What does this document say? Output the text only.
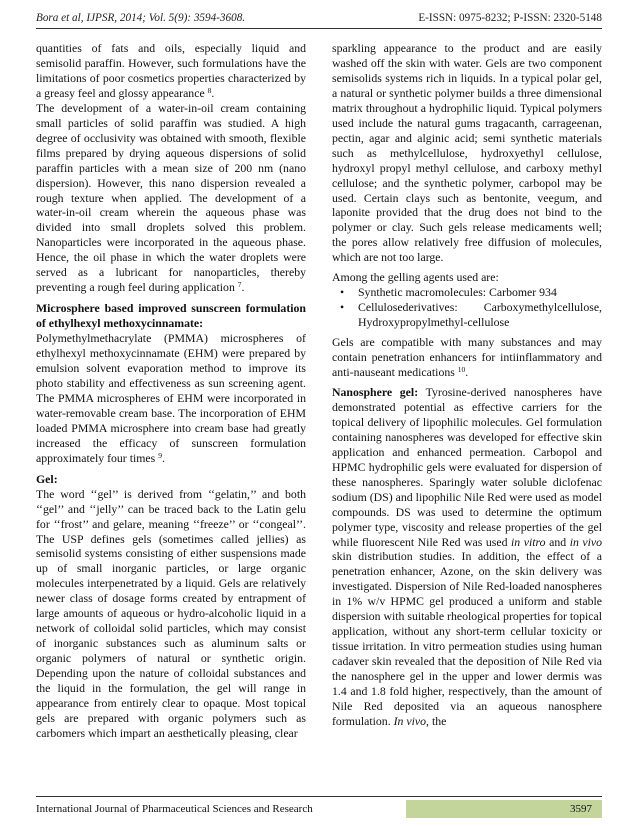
Bora et al, IJPSR, 2014; Vol. 5(9): 3594-3608.	E-ISSN: 0975-8232; P-ISSN: 2320-5148

quantities of fats and oils, especially liquid and semisolid paraffin. However, such formulations have the limitations of poor cosmetics properties characterized by a greasy feel and glossy appearance $^8$.

The development of a water-in-oil cream containing small particles of solid paraffin was studied. A high degree of occlusivity was obtained with smooth, flexible films prepared by drying aqueous dispersions of solid paraffin particles with a mean size of 200 nm (nano dispersion). However, this nano dispersion revealed a rough texture when applied. The development of a water-in-oil cream wherein the aqueous phase was divided into small droplets solved this problem. Nanoparticles were incorporated in the aqueous phase. Hence, the oil phase in which the water droplets were served as a lubricant for nanoparticles, thereby preventing a rough feel during application $^7$.

Microsphere based improved sunscreen formulation of ethylhexyl methoxycinnamate:

Polymethylmethacrylate (PMMA) microspheres of ethylhexyl methoxycinnamate (EHM) were prepared by emulsion solvent evaporation method to improve its photo stability and effectiveness as sun screening agent. The PMMA microspheres of EHM were incorporated in water-removable cream base. The incorporation of EHM loaded PMMA microsphere into cream base had greatly increased the efficacy of sunscreen formulation approximately four times $^9$.

Gel:

The word ‘‘gel’’ is derived from ‘‘gelatin,’’ and both ‘‘gel’’ and ‘‘jelly’’ can be traced back to the Latin gelu for ‘‘frost’’ and gelare, meaning ‘‘freeze’’ or ‘‘congeal’’. The USP defines gels (sometimes called jellies) as semisolid systems consisting of either suspensions made up of small inorganic particles, or large organic molecules interpenetrated by a liquid. Gels are relatively newer class of dosage forms created by entrapment of large amounts of aqueous or hydro-alcoholic liquid in a network of colloidal solid particles, which may consist of inorganic substances such as aluminum salts or organic polymers of natural or synthetic origin. Depending upon the nature of colloidal substances and the liquid in the formulation, the gel will range in appearance from entirely clear to opaque. Most topical gels are prepared with organic polymers such as carbomers which impart an aesthetically pleasing, clear

sparkling appearance to the product and are easily washed off the skin with water. Gels are two component semisolids systems rich in liquids. In a typical polar gel, a natural or synthetic polymer builds a three dimensional matrix throughout a hydrophilic liquid. Typical polymers used include the natural gums tragacanth, carrageenan, pectin, agar and alginic acid; semi synthetic materials such as methylcellulose, hydroxyethyl cellulose, hydroxyl propyl methyl cellulose, and carboxy methyl cellulose; and the synthetic polymer, carbopol may be used. Certain clays such as bentonite, veegum, and laponite provided that the drug does not bind to the polymer or clay. Such gels release medicaments well; the pores allow relatively free diffusion of molecules, which are not too large.

Among the gelling agents used are:

• Synthetic macromolecules: Carbomer 934
• Cellulosederivatives: Carboxymethylcellulose, Hydroxypropylmethyl-cellulose

Gels are compatible with many substances and may contain penetration enhancers for intiinflammatory and anti-nauseant medications $^{10}$.

Nanosphere gel: Tyrosine-derived nanospheres have demonstrated potential as effective carriers for the topical delivery of lipophilic molecules. Gel formulation containing nanospheres was developed for effective skin application and enhanced permeation. Carbopol and HPMC hydrophilic gels were evaluated for dispersion of these nanospheres. Sparingly water soluble diclofenac sodium (DS) and lipophilic Nile Red were used as model compounds. DS was used to determine the optimum polymer type, viscosity and release properties of the gel while fluorescent Nile Red was used in vitro and in vivo skin distribution studies. In addition, the effect of a penetration enhancer, Azone, on the skin delivery was investigated. Dispersion of Nile Red-loaded nanospheres in 1% w/v HPMC gel produced a uniform and stable dispersion with suitable rheological properties for topical application, without any short-term cellular toxicity or tissue irritation. In vitro permeation studies using human cadaver skin revealed that the deposition of Nile Red via the nanosphere gel in the upper and lower dermis was 1.4 and 1.8 fold higher, respectively, than the amount of Nile Red deposited via an aqueous nanosphere formulation. In vivo, the

International Journal of Pharmaceutical Sciences and Research	3597
